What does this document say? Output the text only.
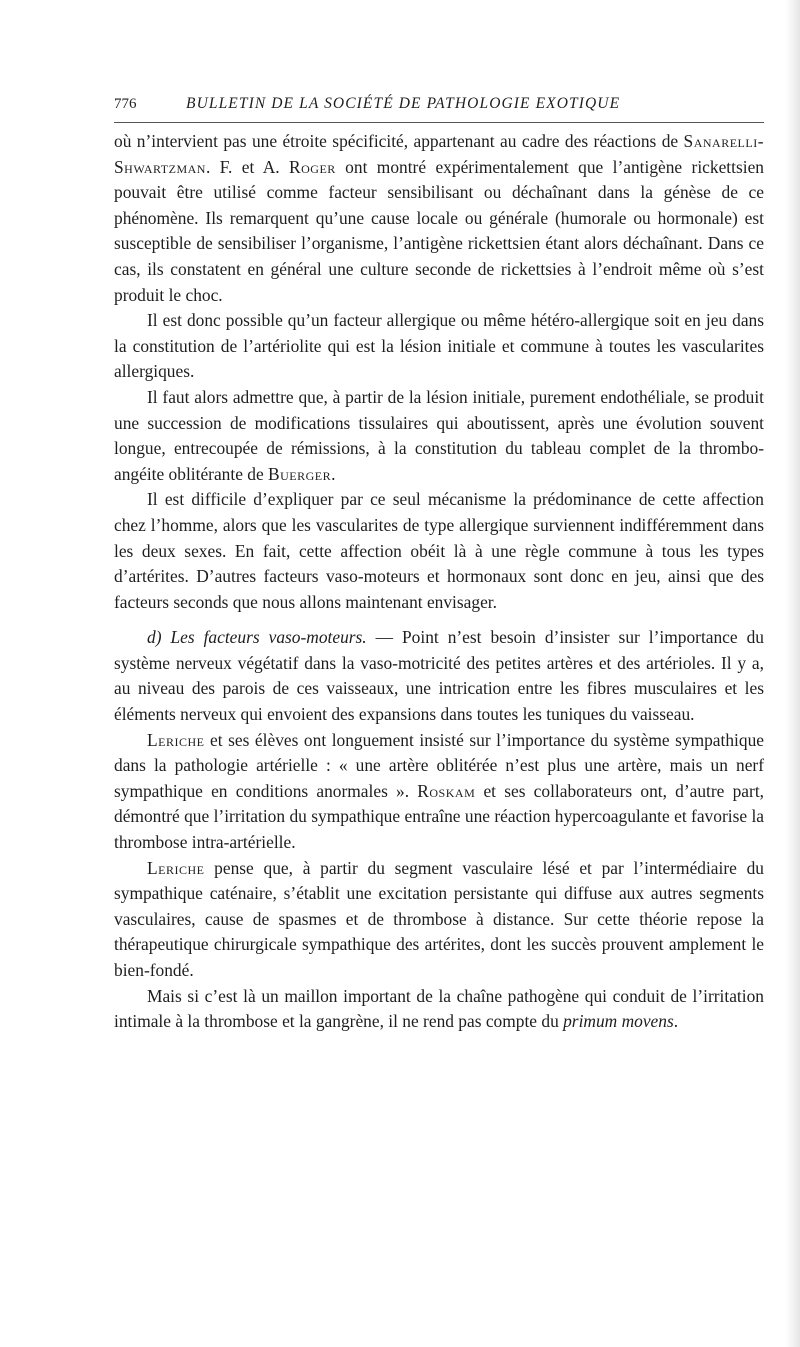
776	BULLETIN DE LA SOCIÉTÉ DE PATHOLOGIE EXOTIQUE

où n’intervient pas une étroite spécificité, appartenant au cadre des réactions de Sanarelli-Shwartzman. F. et A. Roger ont montré expérimentalement que l’antigène rickettsien pouvait être utilisé comme facteur sensibilisant ou déchaînant dans la génèse de ce phénomène. Ils remarquent qu’une cause locale ou générale (humorale ou hormonale) est susceptible de sensibiliser l’organisme, l’antigène rickettsien étant alors déchaînant. Dans ce cas, ils constatent en général une culture seconde de rickettsies à l’endroit même où s’est produit le choc.

Il est donc possible qu’un facteur allergique ou même hétéro-allergique soit en jeu dans la constitution de l’artériolite qui est la lésion initiale et commune à toutes les vascularites allergiques.

Il faut alors admettre que, à partir de la lésion initiale, purement endothéliale, se produit une succession de modifications tissulaires qui aboutissent, après une évolution souvent longue, entrecoupée de rémissions, à la constitution du tableau complet de la thrombo-angéite oblitérante de Buerger.

Il est difficile d’expliquer par ce seul mécanisme la prédominance de cette affection chez l’homme, alors que les vascularites de type allergique surviennent indifféremment dans les deux sexes. En fait, cette affection obéit là à une règle commune à tous les types d’artérites. D’autres facteurs vaso-moteurs et hormonaux sont donc en jeu, ainsi que des facteurs seconds que nous allons maintenant envisager.

d) Les facteurs vaso-moteurs. — Point n’est besoin d’insister sur l’importance du système nerveux végétatif dans la vaso-motricité des petites artères et des artérioles. Il y a, au niveau des parois de ces vaisseaux, une intrication entre les fibres musculaires et les éléments nerveux qui envoient des expansions dans toutes les tuniques du vaisseau.

Leriche et ses élèves ont longuement insisté sur l’importance du système sympathique dans la pathologie artérielle : « une artère oblitérée n’est plus une artère, mais un nerf sympathique en conditions anormales ». Roskam et ses collaborateurs ont, d’autre part, démontré que l’irritation du sympathique entraîne une réaction hypercoagulante et favorise la thrombose intra-artérielle.

Leriche pense que, à partir du segment vasculaire lésé et par l’intermédiaire du sympathique caténaire, s’établit une excitation persistante qui diffuse aux autres segments vasculaires, cause de spasmes et de thrombose à distance. Sur cette théorie repose la thérapeutique chirurgicale sympathique des artérites, dont les succès prouvent amplement le bien-fondé.

Mais si c’est là un maillon important de la chaîne pathogène qui conduit de l’irritation intimale à la thrombose et la gangrène, il ne rend pas compte du primum movens.
